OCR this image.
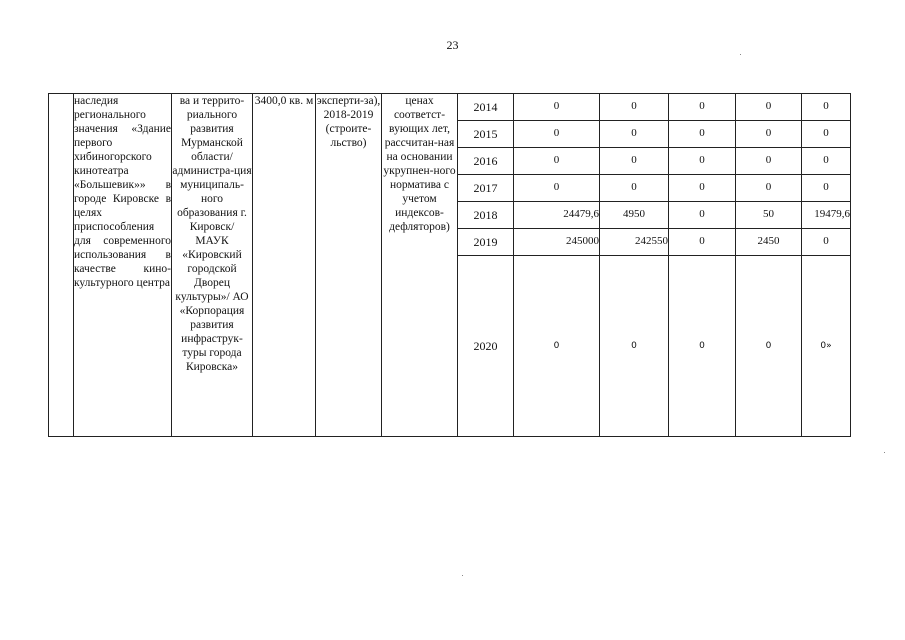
23
	наследия регионального значения «Здание первого хибиногорского кинотеатра «Большевик»» в городе Кировске в целях приспособления для современного использования в качестве кино-культурного центра	ва и террито-риального развития Мурманской области/ администра-ция муниципаль-ного образования г. Кировск/ МАУК «Кировский городской Дворец культуры»/ АО «Корпорация развития инфраструк-туры города Кировска»	3400,0 кв. м	эксперти-за), 2018-2019 (строите-льство)	ценах соответст-вующих лет, рассчитан-ная на основании укрупнен-ного норматива с учетом индексов-дефляторов)	2014	0	0	0	0	0
						2015	0	0	0	0	0
						2016	0	0	0	0	0
						2017	0	0	0	0	0
						2018	24479,6	4950	0	50	19479,6
						2019	245000	242550	0	2450	0
						2020	0	0	0	0	0»
